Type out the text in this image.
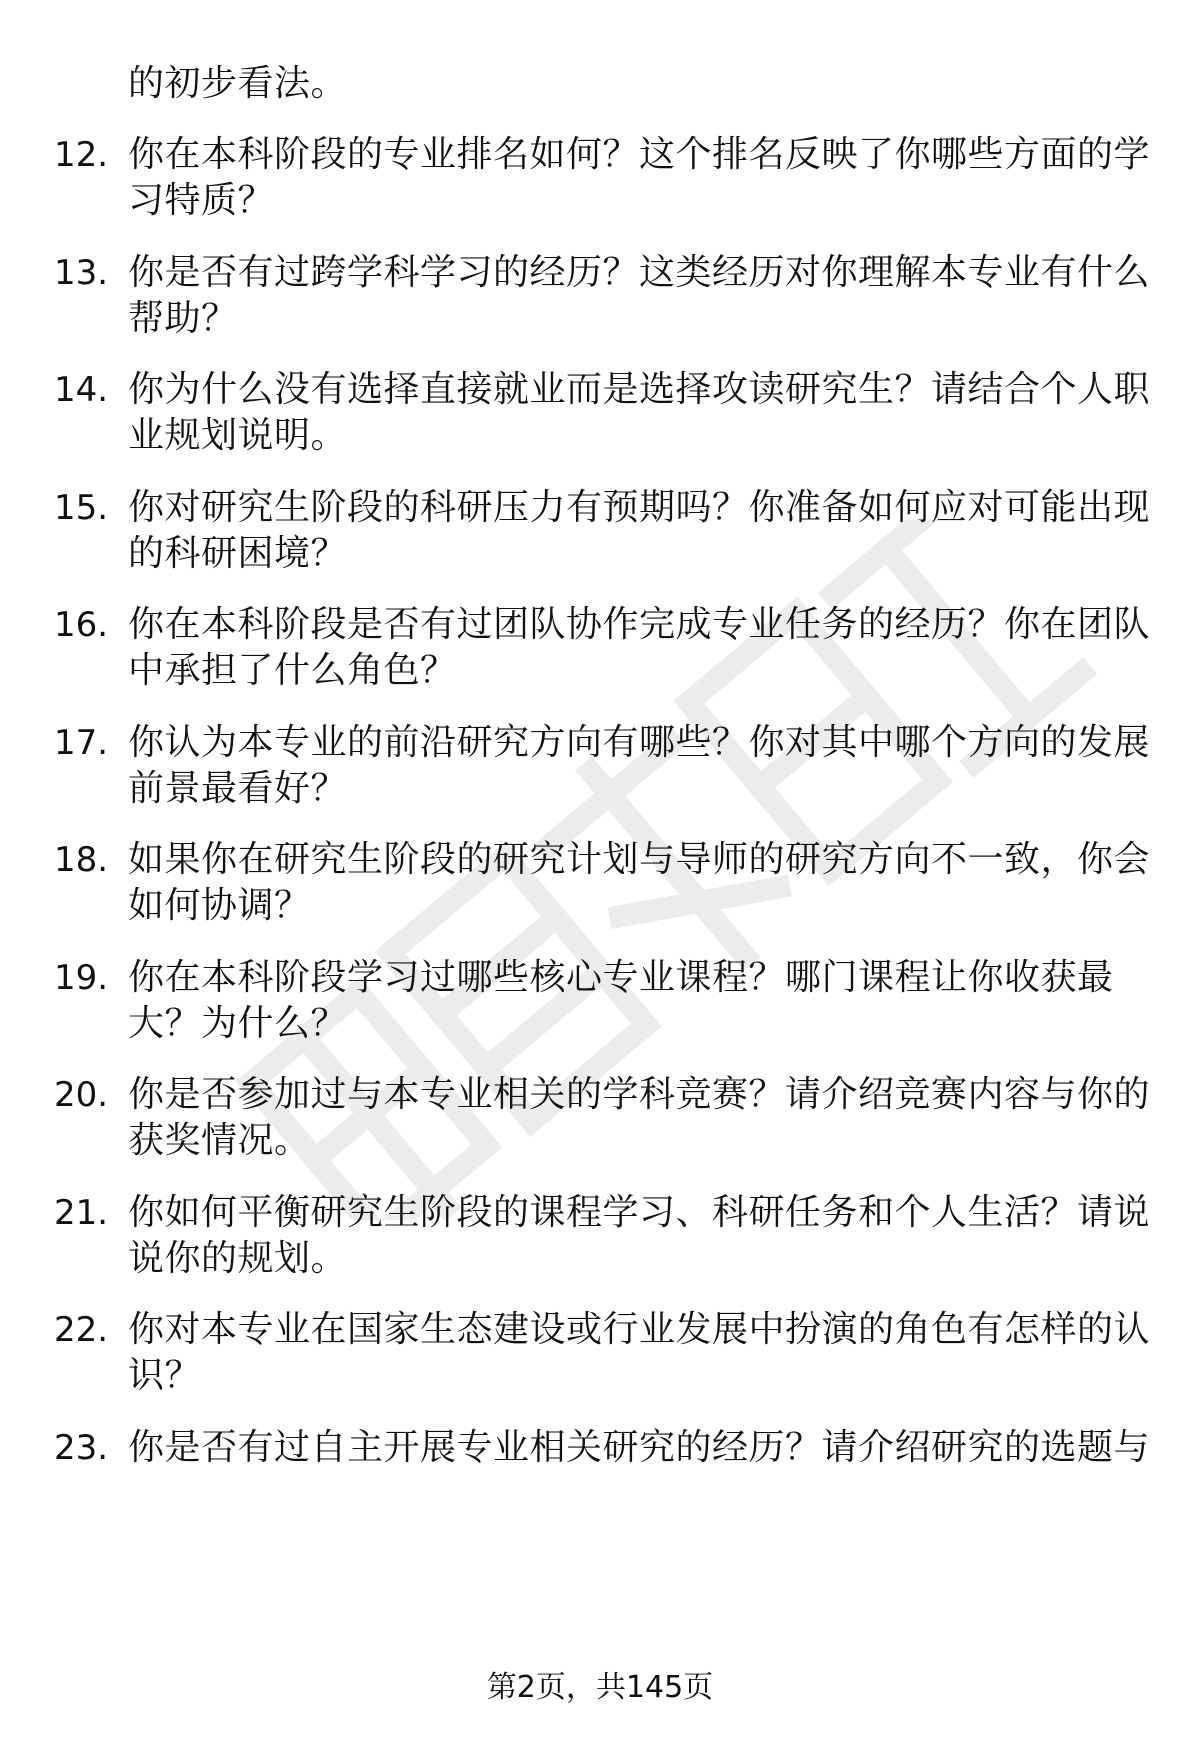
的初步看法。
12. 你在本科阶段的专业排名如何？这个排名反映了你哪些方面的学
习特质？
13. 你是否有过跨学科学习的经历？这类经历对你理解本专业有什么
帮助？
14. 你为什么没有选择直接就业而是选择攻读研究生？请结合个人职
业规划说明。
15. 你对研究生阶段的科研压力有预期吗？你准备如何应对可能出现
的科研困境？
16. 你在本科阶段是否有过团队协作完成专业任务的经历？你在团队
中承担了什么角色？
17. 你认为本专业的前沿研究方向有哪些？你对其中哪个方向的发展
前景最看好？
18. 如果你在研究生阶段的研究计划与导师的研究方向不一致，你会
如何协调？
19. 你在本科阶段学习过哪些核心专业课程？哪门课程让你收获最
大？为什么？
20. 你是否参加过与本专业相关的学科竞赛？请介绍竞赛内容与你的
获奖情况。
21. 你如何平衡研究生阶段的课程学习、科研任务和个人生活？请说
说你的规划。
22. 你对本专业在国家生态建设或行业发展中扮演的角色有怎样的认
识？
23. 你是否有过自主开展专业相关研究的经历？请介绍研究的选题与
第2页，共145页
